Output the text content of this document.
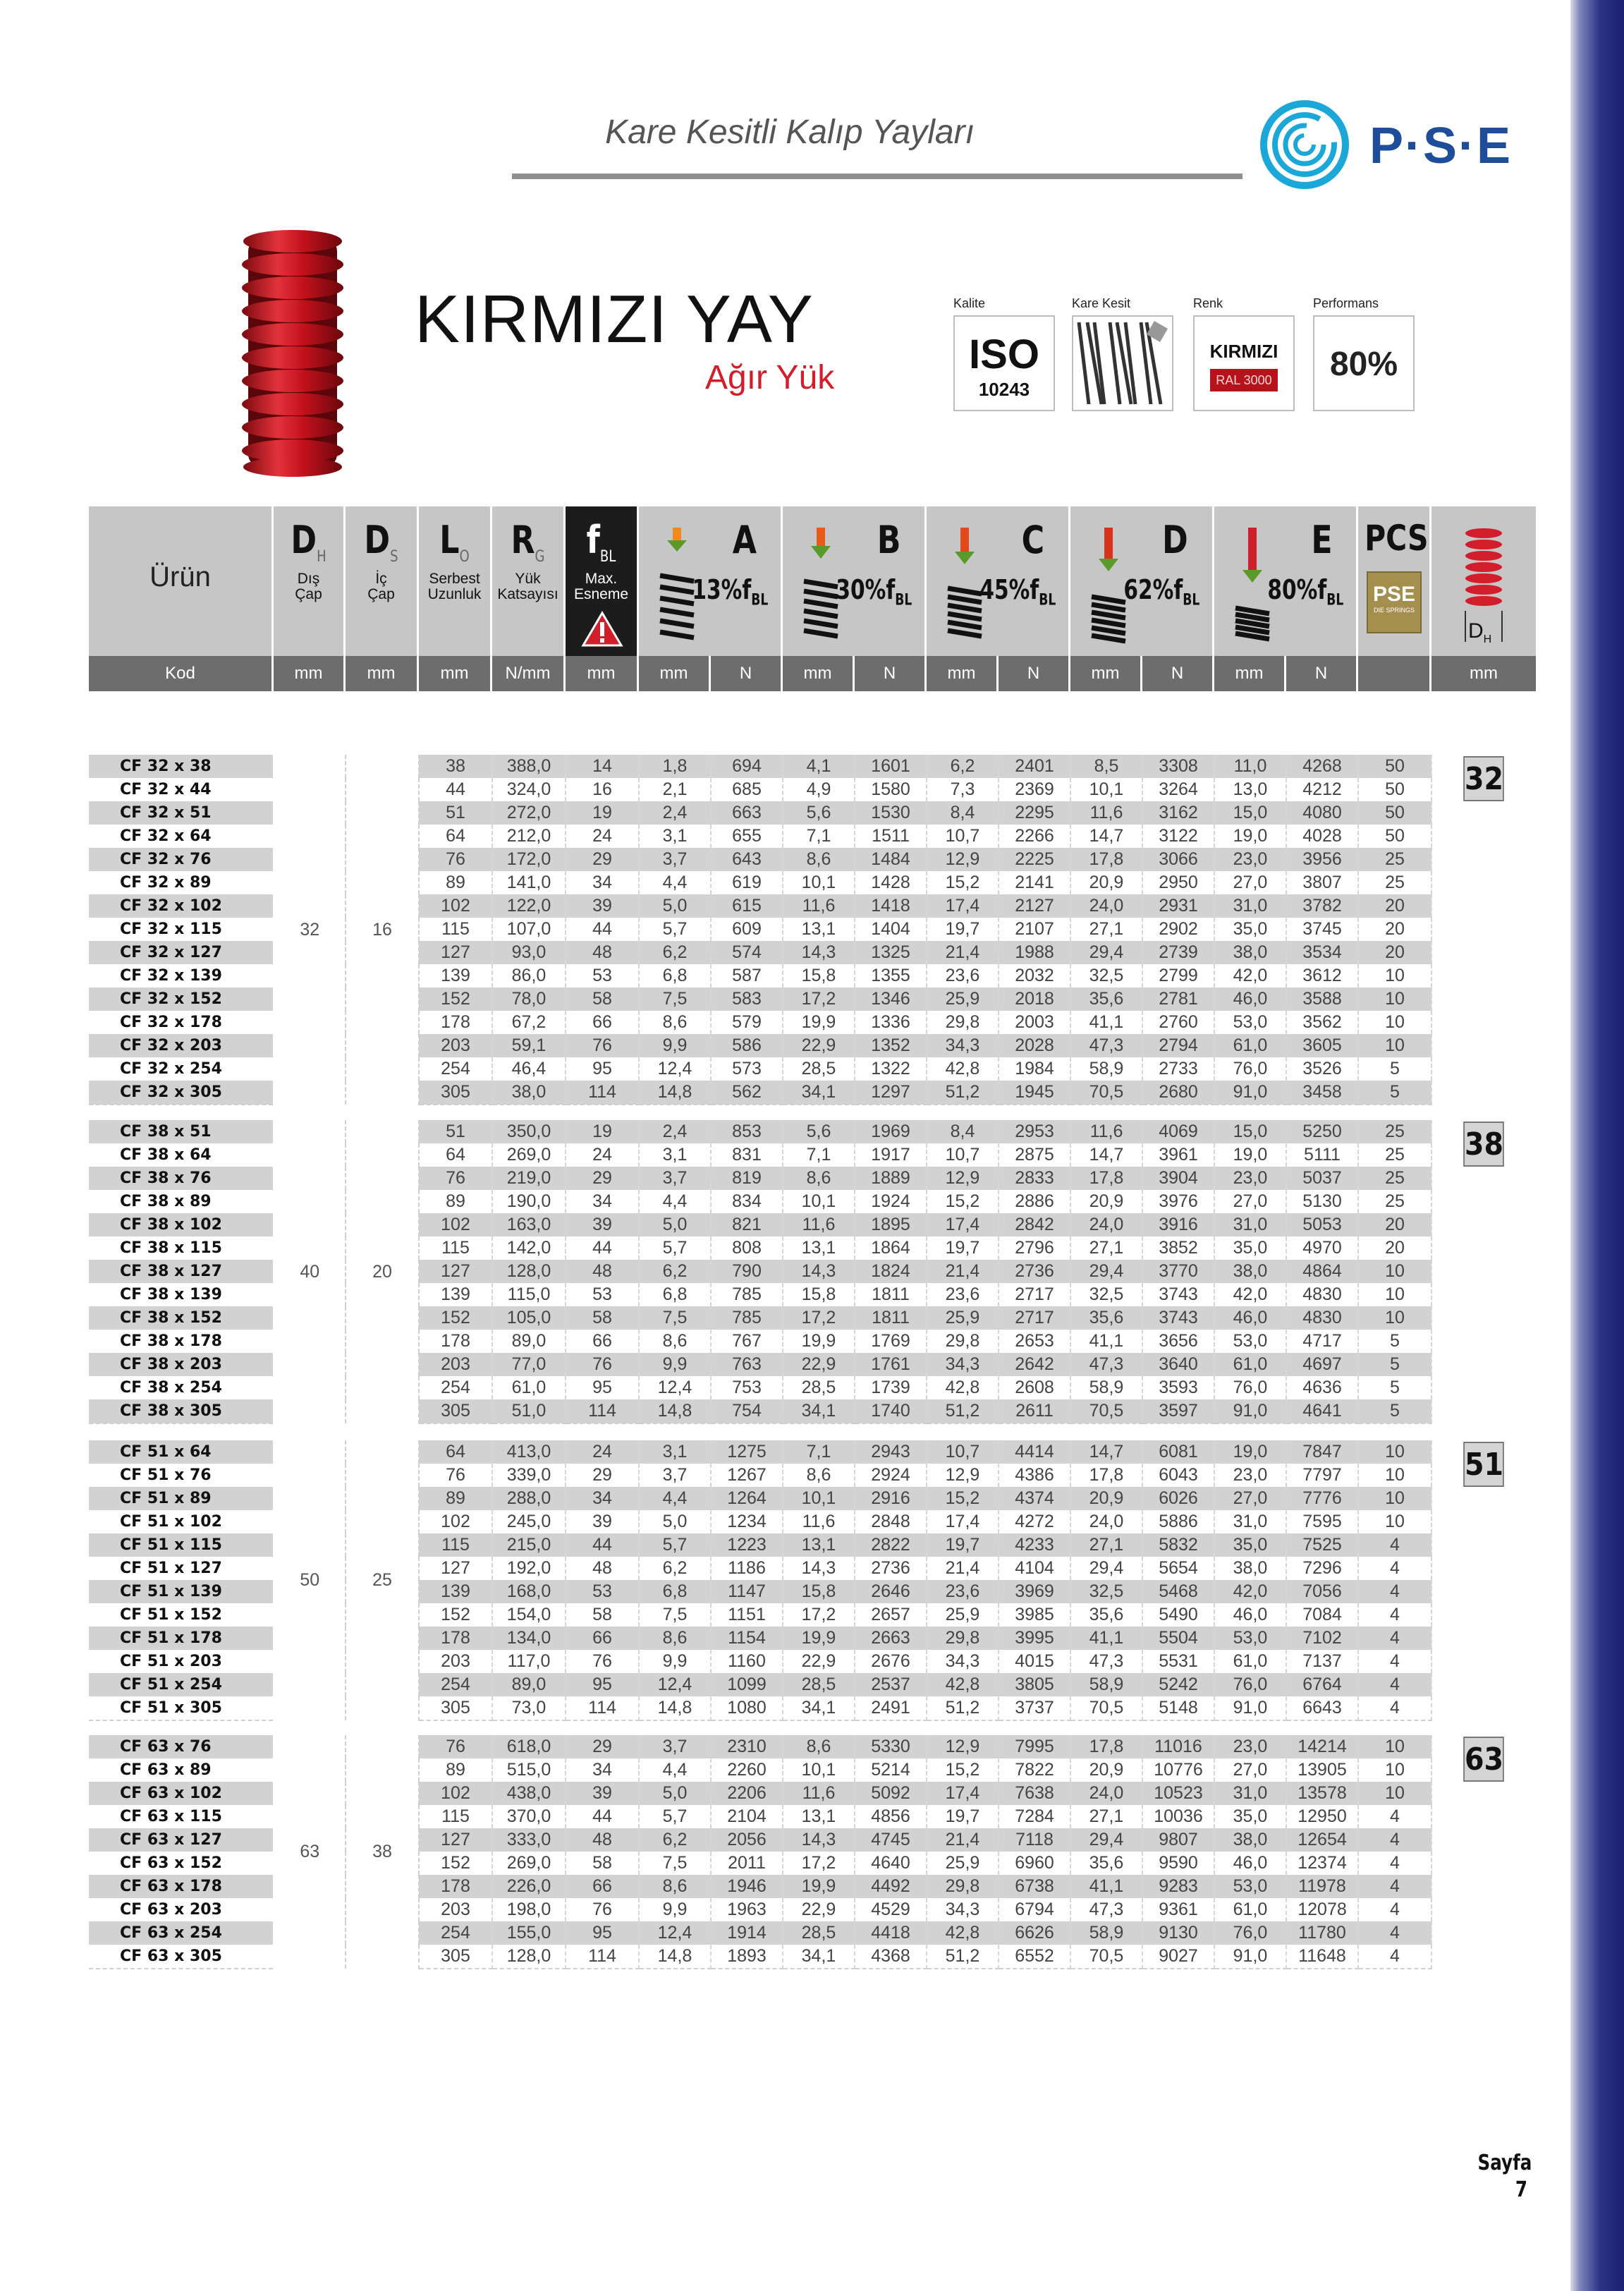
Kare Kesitli Kalıp Yayları	P·S·E
KIRMIZI YAY
Ağır Yük
Kalite
ISO
10243
Kare Kesit	Renk
KIRMIZI
RAL 3000
Performans
80%
Ürün
$D_H$
Dış
Çap
$D_S$
İç
Çap
$L_O$
Serbest
Uzunluk
$R_G$
Yük
Katsayısı
$f_{BL}$
Max.
Esneme
A
$13\%f_{BL}$
B
$30\%f_{BL}$
C
$45\%f_{BL}$
D
$62\%f_{BL}$
E
$80\%f_{BL}$
PCS
PSE
DIE SPRINGS
$D_H$
Kod	mm	mm	mm	N/mm	mm	mm	N	mm	N	mm	N	mm	N	mm	N	mm
CF 32 x 38	32	16	38	388,0	14	1,8	694	4,1	1601	6,2	2401	8,5	3308	11,0	4268	50
CF 32 x 44			44	324,0	16	2,1	685	4,9	1580	7,3	2369	10,1	3264	13,0	4212	50
CF 32 x 51			51	272,0	19	2,4	663	5,6	1530	8,4	2295	11,6	3162	15,0	4080	50
CF 32 x 64			64	212,0	24	3,1	655	7,1	1511	10,7	2266	14,7	3122	19,0	4028	50
CF 32 x 76			76	172,0	29	3,7	643	8,6	1484	12,9	2225	17,8	3066	23,0	3956	25
CF 32 x 89			89	141,0	34	4,4	619	10,1	1428	15,2	2141	20,9	2950	27,0	3807	25
CF 32 x 102			102	122,0	39	5,0	615	11,6	1418	17,4	2127	24,0	2931	31,0	3782	20
CF 32 x 115			115	107,0	44	5,7	609	13,1	1404	19,7	2107	27,1	2902	35,0	3745	20
CF 32 x 127			127	93,0	48	6,2	574	14,3	1325	21,4	1988	29,4	2739	38,0	3534	20
CF 32 x 139			139	86,0	53	6,8	587	15,8	1355	23,6	2032	32,5	2799	42,0	3612	10
CF 32 x 152			152	78,0	58	7,5	583	17,2	1346	25,9	2018	35,6	2781	46,0	3588	10
CF 32 x 178			178	67,2	66	8,6	579	19,9	1336	29,8	2003	41,1	2760	53,0	3562	10
CF 32 x 203			203	59,1	76	9,9	586	22,9	1352	34,3	2028	47,3	2794	61,0	3605	10
CF 32 x 254			254	46,4	95	12,4	573	28,5	1322	42,8	1984	58,9	2733	76,0	3526	5
CF 32 x 305			305	38,0	114	14,8	562	34,1	1297	51,2	1945	70,5	2680	91,0	3458	5
32
CF 38 x 51	40	20	51	350,0	19	2,4	853	5,6	1969	8,4	2953	11,6	4069	15,0	5250	25
CF 38 x 64			64	269,0	24	3,1	831	7,1	1917	10,7	2875	14,7	3961	19,0	5111	25
CF 38 x 76			76	219,0	29	3,7	819	8,6	1889	12,9	2833	17,8	3904	23,0	5037	25
CF 38 x 89			89	190,0	34	4,4	834	10,1	1924	15,2	2886	20,9	3976	27,0	5130	25
CF 38 x 102			102	163,0	39	5,0	821	11,6	1895	17,4	2842	24,0	3916	31,0	5053	20
CF 38 x 115			115	142,0	44	5,7	808	13,1	1864	19,7	2796	27,1	3852	35,0	4970	20
CF 38 x 127			127	128,0	48	6,2	790	14,3	1824	21,4	2736	29,4	3770	38,0	4864	10
CF 38 x 139			139	115,0	53	6,8	785	15,8	1811	23,6	2717	32,5	3743	42,0	4830	10
CF 38 x 152			152	105,0	58	7,5	785	17,2	1811	25,9	2717	35,6	3743	46,0	4830	10
CF 38 x 178			178	89,0	66	8,6	767	19,9	1769	29,8	2653	41,1	3656	53,0	4717	5
CF 38 x 203			203	77,0	76	9,9	763	22,9	1761	34,3	2642	47,3	3640	61,0	4697	5
CF 38 x 254			254	61,0	95	12,4	753	28,5	1739	42,8	2608	58,9	3593	76,0	4636	5
CF 38 x 305			305	51,0	114	14,8	754	34,1	1740	51,2	2611	70,5	3597	91,0	4641	5
38
CF 51 x 64	50	25	64	413,0	24	3,1	1275	7,1	2943	10,7	4414	14,7	6081	19,0	7847	10
CF 51 x 76			76	339,0	29	3,7	1267	8,6	2924	12,9	4386	17,8	6043	23,0	7797	10
CF 51 x 89			89	288,0	34	4,4	1264	10,1	2916	15,2	4374	20,9	6026	27,0	7776	10
CF 51 x 102			102	245,0	39	5,0	1234	11,6	2848	17,4	4272	24,0	5886	31,0	7595	10
CF 51 x 115			115	215,0	44	5,7	1223	13,1	2822	19,7	4233	27,1	5832	35,0	7525	4
CF 51 x 127			127	192,0	48	6,2	1186	14,3	2736	21,4	4104	29,4	5654	38,0	7296	4
CF 51 x 139			139	168,0	53	6,8	1147	15,8	2646	23,6	3969	32,5	5468	42,0	7056	4
CF 51 x 152			152	154,0	58	7,5	1151	17,2	2657	25,9	3985	35,6	5490	46,0	7084	4
CF 51 x 178			178	134,0	66	8,6	1154	19,9	2663	29,8	3995	41,1	5504	53,0	7102	4
CF 51 x 203			203	117,0	76	9,9	1160	22,9	2676	34,3	4015	47,3	5531	61,0	7137	4
CF 51 x 254			254	89,0	95	12,4	1099	28,5	2537	42,8	3805	58,9	5242	76,0	6764	4
CF 51 x 305			305	73,0	114	14,8	1080	34,1	2491	51,2	3737	70,5	5148	91,0	6643	4
51
CF 63 x 76	63	38	76	618,0	29	3,7	2310	8,6	5330	12,9	7995	17,8	11016	23,0	14214	10
CF 63 x 89			89	515,0	34	4,4	2260	10,1	5214	15,2	7822	20,9	10776	27,0	13905	10
CF 63 x 102			102	438,0	39	5,0	2206	11,6	5092	17,4	7638	24,0	10523	31,0	13578	10
CF 63 x 115			115	370,0	44	5,7	2104	13,1	4856	19,7	7284	27,1	10036	35,0	12950	4
CF 63 x 127			127	333,0	48	6,2	2056	14,3	4745	21,4	7118	29,4	9807	38,0	12654	4
CF 63 x 152			152	269,0	58	7,5	2011	17,2	4640	25,9	6960	35,6	9590	46,0	12374	4
CF 63 x 178			178	226,0	66	8,6	1946	19,9	4492	29,8	6738	41,1	9283	53,0	11978	4
CF 63 x 203			203	198,0	76	9,9	1963	22,9	4529	34,3	6794	47,3	9361	61,0	12078	4
CF 63 x 254			254	155,0	95	12,4	1914	28,5	4418	42,8	6626	58,9	9130	76,0	11780	4
CF 63 x 305			305	128,0	114	14,8	1893	34,1	4368	51,2	6552	70,5	9027	91,0	11648	4
63
Sayfa
7
